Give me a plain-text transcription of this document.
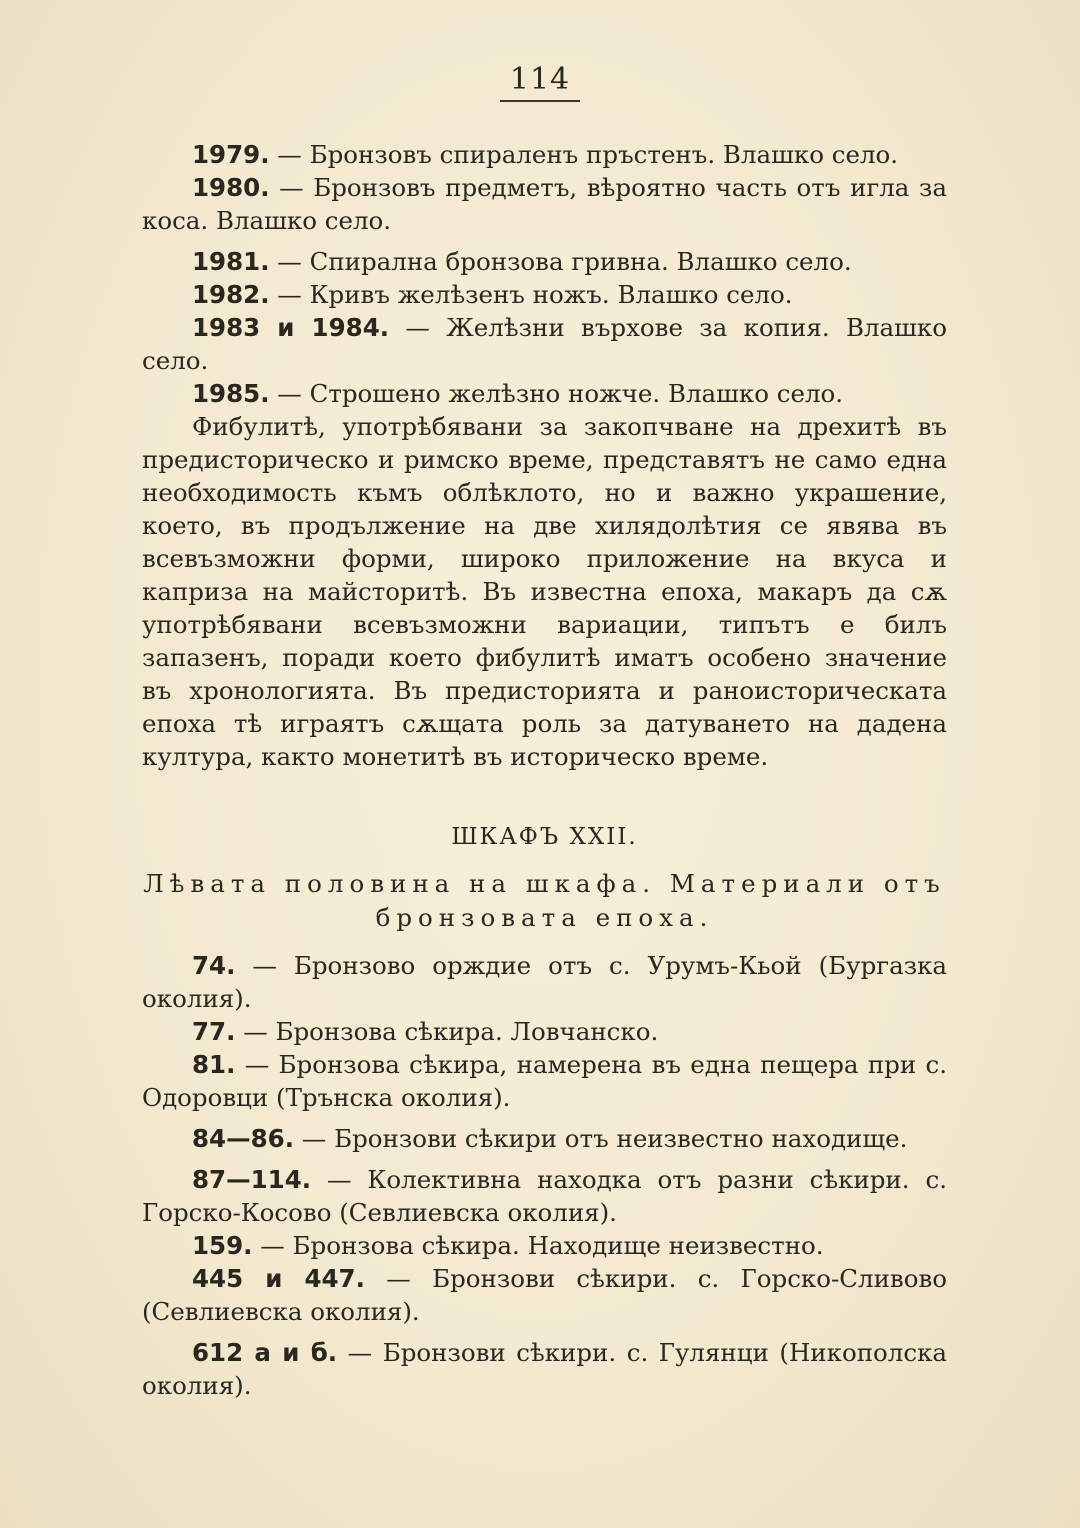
114

1979. — Бронзовъ спираленъ пръстенъ. Влашко село.

1980. — Бронзовъ предметъ, вѣроятно часть отъ игла за коса. Влашко село.

1981. — Спирална бронзова гривна. Влашко село.

1982. — Кривъ желѣзенъ ножъ. Влашко село.

1983 и 1984. — Желѣзни върхове за копия. Влашко село.

1985. — Строшено желѣзно ножче. Влашко село.

Фибулитѣ, употрѣбявани за закопчване на дрехитѣ въ предисторическо и римско време, представятъ не само една необходимость къмъ облѣклото, но и важно украшение, което, въ продължение на две хилядолѣтия се явява въ всевъзможни форми, широко приложение на вкуса и каприза на майсторитѣ. Въ известна епоха, макаръ да сѫ употрѣбявани всевъзможни вариации, типътъ е билъ запазенъ, поради което фибулитѣ иматъ особено значение въ хронологията. Въ предисторията и раноисторическата епоха тѣ играятъ сѫщата роль за датуването на дадена култура, както монетитѣ въ историческо време.

ШКАФЪ XXII.
Лѣвата половина на шкафа. Материали отъ бронзовата епоха.

74. — Бронзово орждие отъ с. Урумъ-Кьой (Бургазка околия).

77. — Бронзова сѣкира. Ловчанско.

81. — Бронзова сѣкира, намерена въ една пещера при с. Одоровци (Трънска околия).

84—86. — Бронзови сѣкири отъ неизвестно находище.

87—114. — Колективна находка отъ разни сѣкири. с. Горско-Косово (Севлиевска околия).

159. — Бронзова сѣкира. Находище неизвестно.

445 и 447. — Бронзови сѣкири. с. Горско-Сливово (Севлиевска околия).

612 а и б. — Бронзови сѣкири. с. Гулянци (Никополска околия).
